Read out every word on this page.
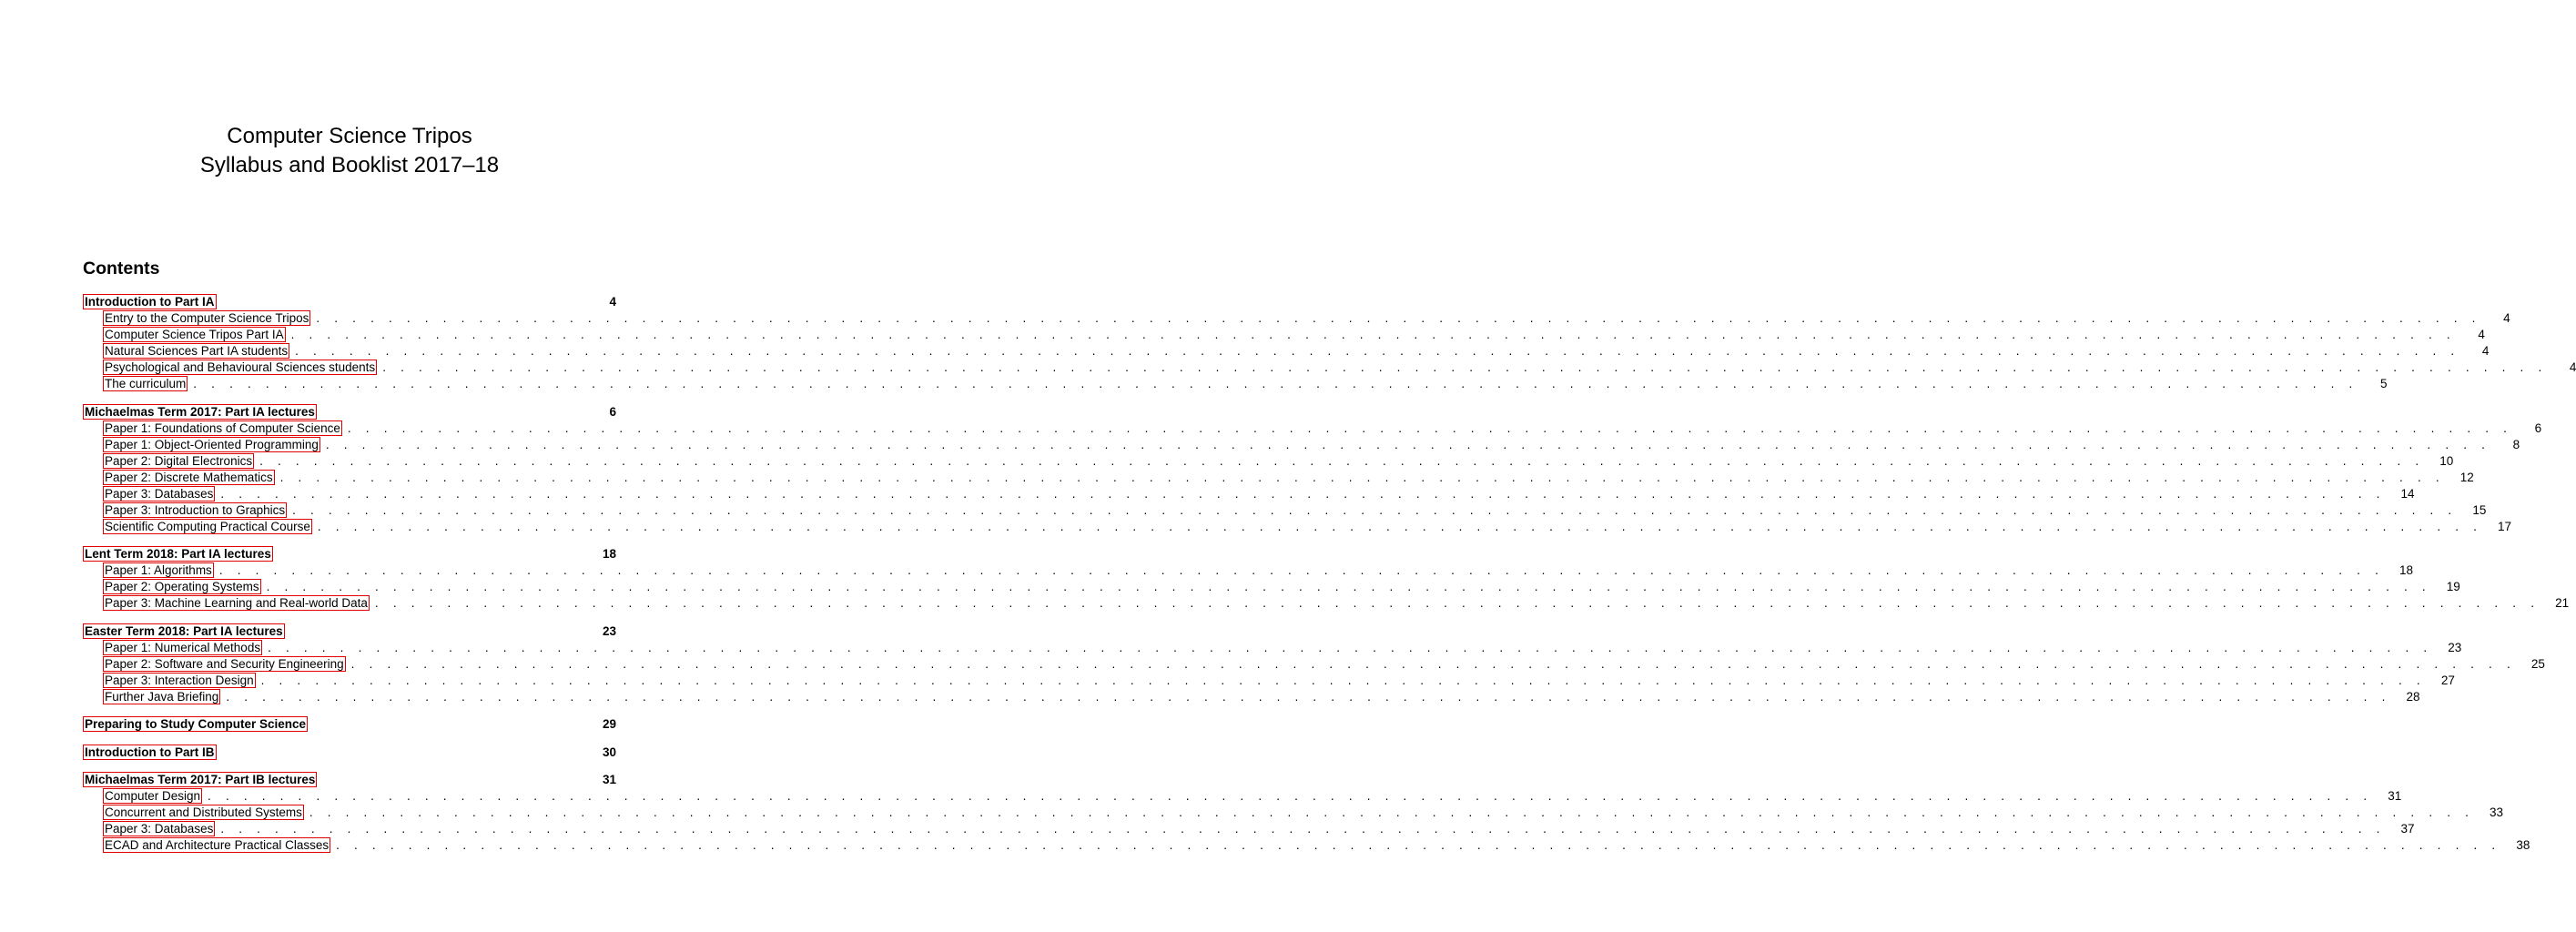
Computer Science Tripos
Syllabus and Booklist 2017–18
Contents
Introduction to Part IA	4
Entry to the Computer Science Tripos . . . . . . . . . . . . . . . . . . . . . . . . . . . . . . . . . . . . . . . . . . . . . . . . . . . . . . . . . . . . . . . . . . . . . . . . . . . . . . . . . . . . . . . . . . . . . . . . . . . . . . . . . . . . . . . . . . . . . . . .	4
Computer Science Tripos Part IA . . . . . . . . . . . . . . . . . . . . . . . . . . . . . . . . . . . . . . . . . . . . . . . . . . . . . . . . . . . . . . . . . . . . . . . . . . . . . . . . . . . . . . . . . . . . . . . . . . . . . . . . . . . . . . . . . . . . . . . .	4
Natural Sciences Part IA students . . . . . . . . . . . . . . . . . . . . . . . . . . . . . . . . . . . . . . . . . . . . . . . . . . . . . . . . . . . . . . . . . . . . . . . . . . . . . . . . . . . . . . . . . . . . . . . . . . . . . . . . . . . . . . . . . . . . . . . .	4
Psychological and Behavioural Sciences students . . . . . . . . . . . . . . . . . . . . . . . . . . . . . . . . . . . . . . . . . . . . . . . . . . . . . . . . . . . . . . . . . . . . . . . . . . . . . . . . . . . . . . . . . . . . . . . . . . . . . . . . . . . . . . . . . . . . . . . .	4
The curriculum . . . . . . . . . . . . . . . . . . . . . . . . . . . . . . . . . . . . . . . . . . . . . . . . . . . . . . . . . . . . . . . . . . . . . . . . . . . . . . . . . . . . . . . . . . . . . . . . . . . . . . . . . . . . . . . . . . . . . . . .	5
Michaelmas Term 2017: Part IA lectures	6
Paper 1: Foundations of Computer Science . . . . . . . . . . . . . . . . . . . . . . . . . . . . . . . . . . . . . . . . . . . . . . . . . . . . . . . . . . . . . . . . . . . . . . . . . . . . . . . . . . . . . . . . . . . . . . . . . . . . . . . . . . . . . . . . . . . . . . . .	6
Paper 1: Object-Oriented Programming . . . . . . . . . . . . . . . . . . . . . . . . . . . . . . . . . . . . . . . . . . . . . . . . . . . . . . . . . . . . . . . . . . . . . . . . . . . . . . . . . . . . . . . . . . . . . . . . . . . . . . . . . . . . . . . . . . . . . . . .	8
Paper 2: Digital Electronics . . . . . . . . . . . . . . . . . . . . . . . . . . . . . . . . . . . . . . . . . . . . . . . . . . . . . . . . . . . . . . . . . . . . . . . . . . . . . . . . . . . . . . . . . . . . . . . . . . . . . . . . . . . . . . . . . . . . . . . .	10
Paper 2: Discrete Mathematics . . . . . . . . . . . . . . . . . . . . . . . . . . . . . . . . . . . . . . . . . . . . . . . . . . . . . . . . . . . . . . . . . . . . . . . . . . . . . . . . . . . . . . . . . . . . . . . . . . . . . . . . . . . . . . . . . . . . . . . .	12
Paper 3: Databases . . . . . . . . . . . . . . . . . . . . . . . . . . . . . . . . . . . . . . . . . . . . . . . . . . . . . . . . . . . . . . . . . . . . . . . . . . . . . . . . . . . . . . . . . . . . . . . . . . . . . . . . . . . . . . . . . . . . . . . .	14
Paper 3: Introduction to Graphics . . . . . . . . . . . . . . . . . . . . . . . . . . . . . . . . . . . . . . . . . . . . . . . . . . . . . . . . . . . . . . . . . . . . . . . . . . . . . . . . . . . . . . . . . . . . . . . . . . . . . . . . . . . . . . . . . . . . . . . .	15
Scientific Computing Practical Course . . . . . . . . . . . . . . . . . . . . . . . . . . . . . . . . . . . . . . . . . . . . . . . . . . . . . . . . . . . . . . . . . . . . . . . . . . . . . . . . . . . . . . . . . . . . . . . . . . . . . . . . . . . . . . . . . . . . . . . .	17
Lent Term 2018: Part IA lectures	18
Paper 1: Algorithms . . . . . . . . . . . . . . . . . . . . . . . . . . . . . . . . . . . . . . . . . . . . . . . . . . . . . . . . . . . . . . . . . . . . . . . . . . . . . . . . . . . . . . . . . . . . . . . . . . . . . . . . . . . . . . . . . . . . . . . .	18
Paper 2: Operating Systems . . . . . . . . . . . . . . . . . . . . . . . . . . . . . . . . . . . . . . . . . . . . . . . . . . . . . . . . . . . . . . . . . . . . . . . . . . . . . . . . . . . . . . . . . . . . . . . . . . . . . . . . . . . . . . . . . . . . . . . .	19
Paper 3: Machine Learning and Real-world Data . . . . . . . . . . . . . . . . . . . . . . . . . . . . . . . . . . . . . . . . . . . . . . . . . . . . . . . . . . . . . . . . . . . . . . . . . . . . . . . . . . . . . . . . . . . . . . . . . . . . . . . . . . . . . . . . . . . . . . . .	21
Easter Term 2018: Part IA lectures	23
Paper 1: Numerical Methods . . . . . . . . . . . . . . . . . . . . . . . . . . . . . . . . . . . . . . . . . . . . . . . . . . . . . . . . . . . . . . . . . . . . . . . . . . . . . . . . . . . . . . . . . . . . . . . . . . . . . . . . . . . . . . . . . . . . . . . .	23
Paper 2: Software and Security Engineering . . . . . . . . . . . . . . . . . . . . . . . . . . . . . . . . . . . . . . . . . . . . . . . . . . . . . . . . . . . . . . . . . . . . . . . . . . . . . . . . . . . . . . . . . . . . . . . . . . . . . . . . . . . . . . . . . . . . . . . .	25
Paper 3: Interaction Design . . . . . . . . . . . . . . . . . . . . . . . . . . . . . . . . . . . . . . . . . . . . . . . . . . . . . . . . . . . . . . . . . . . . . . . . . . . . . . . . . . . . . . . . . . . . . . . . . . . . . . . . . . . . . . . . . . . . . . . .	27
Further Java Briefing . . . . . . . . . . . . . . . . . . . . . . . . . . . . . . . . . . . . . . . . . . . . . . . . . . . . . . . . . . . . . . . . . . . . . . . . . . . . . . . . . . . . . . . . . . . . . . . . . . . . . . . . . . . . . . . . . . . . . . . .	28
Preparing to Study Computer Science	29
Introduction to Part IB	30
Michaelmas Term 2017: Part IB lectures	31
Computer Design . . . . . . . . . . . . . . . . . . . . . . . . . . . . . . . . . . . . . . . . . . . . . . . . . . . . . . . . . . . . . . . . . . . . . . . . . . . . . . . . . . . . . . . . . . . . . . . . . . . . . . . . . . . . . . . . . . . . . . . .	31
Concurrent and Distributed Systems . . . . . . . . . . . . . . . . . . . . . . . . . . . . . . . . . . . . . . . . . . . . . . . . . . . . . . . . . . . . . . . . . . . . . . . . . . . . . . . . . . . . . . . . . . . . . . . . . . . . . . . . . . . . . . . . . . . . . . . .	33
Paper 3: Databases . . . . . . . . . . . . . . . . . . . . . . . . . . . . . . . . . . . . . . . . . . . . . . . . . . . . . . . . . . . . . . . . . . . . . . . . . . . . . . . . . . . . . . . . . . . . . . . . . . . . . . . . . . . . . . . . . . . . . . . .	37
ECAD and Architecture Practical Classes . . . . . . . . . . . . . . . . . . . . . . . . . . . . . . . . . . . . . . . . . . . . . . . . . . . . . . . . . . . . . . . . . . . . . . . . . . . . . . . . . . . . . . . . . . . . . . . . . . . . . . . . . . . . . . . . . . . . . . . .	38
